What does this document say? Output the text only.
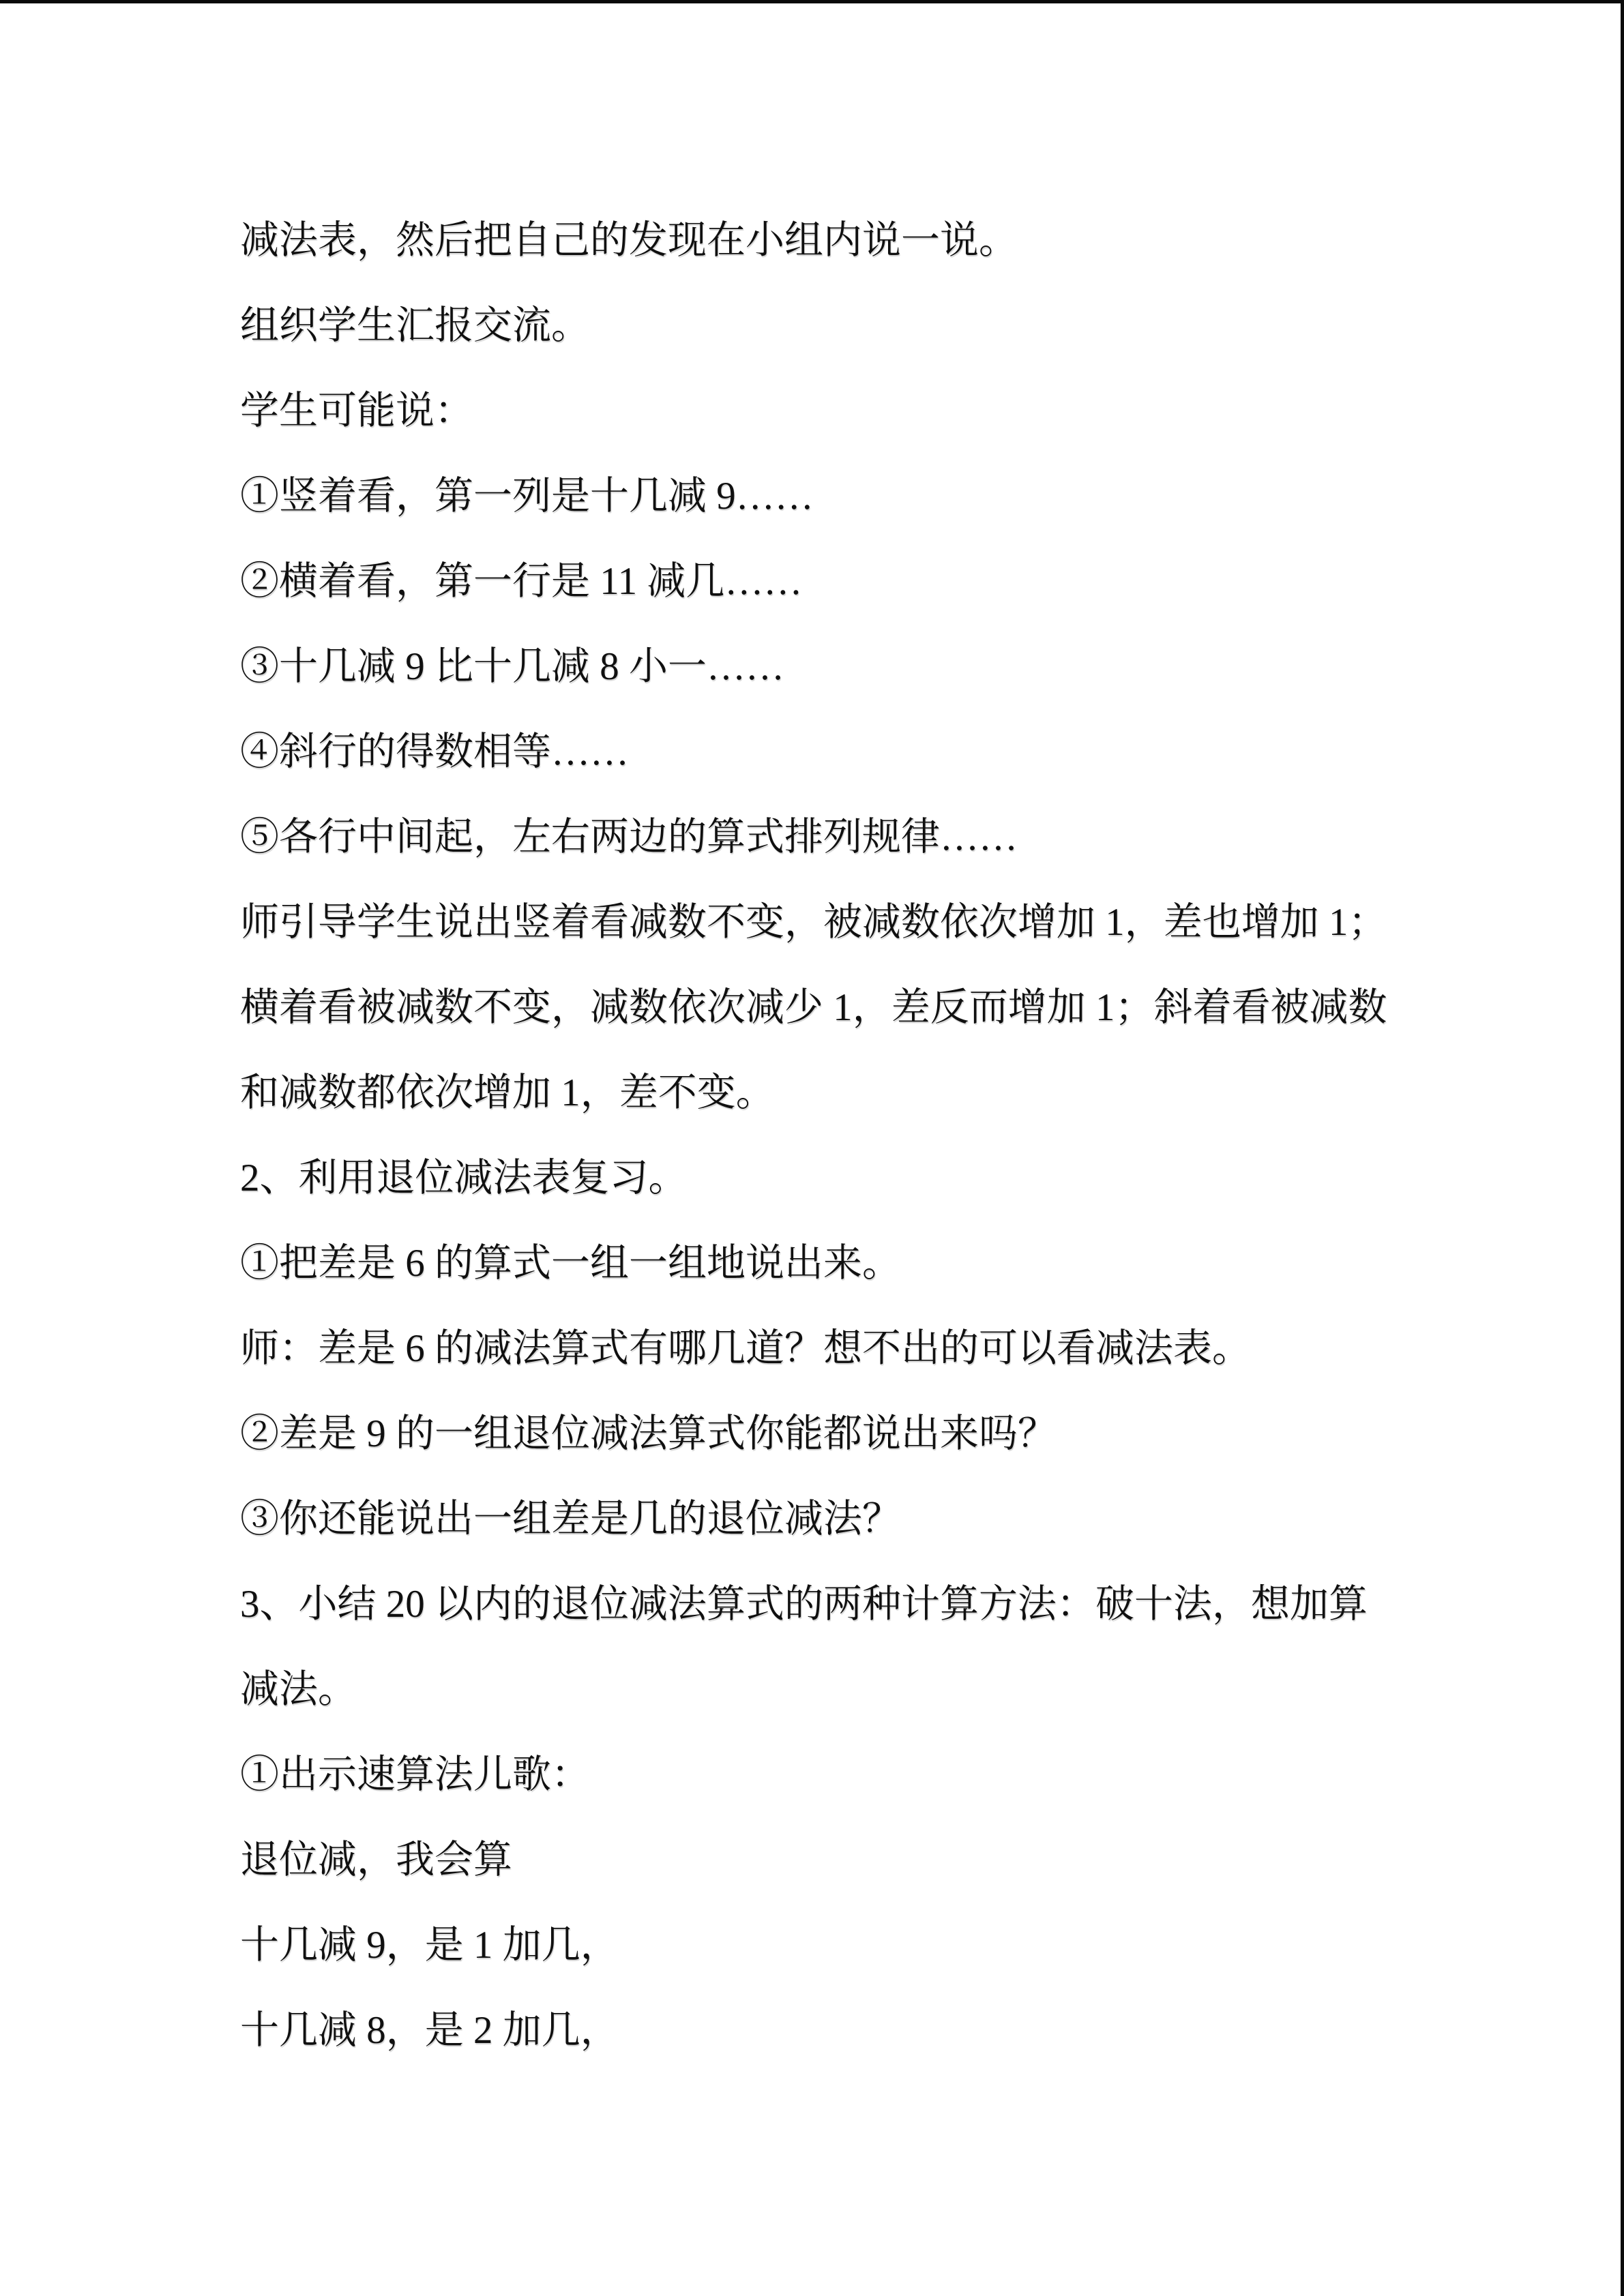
减法表，然后把自己的发现在小组内说一说。
组织学生汇报交流。
学生可能说：
①竖着看，第一列是十几减 9……
②横着看，第一行是 11 减几……
③十几减 9 比十几减 8 小一……
④斜行的得数相等……
⑤各行中间起，左右两边的算式排列规律……
师引导学生说出竖着看减数不变，被减数依次增加 1，差也增加 1；
横着看被减数不变，减数依次减少 1，差反而增加 1；斜着看被减数
和减数都依次增加 1，差不变。
2、利用退位减法表复习。
①把差是 6 的算式一组一组地说出来。
师：差是 6 的减法算式有哪几道？想不出的可以看减法表。
②差是 9 的一组退位减法算式你能都说出来吗？
③你还能说出一组差是几的退位减法？
3、小结 20 以内的退位减法算式的两种计算方法：破十法，想加算
减法。
①出示速算法儿歌：
退位减，我会算
十几减 9，是 1 加几，
十几减 8，是 2 加几，
